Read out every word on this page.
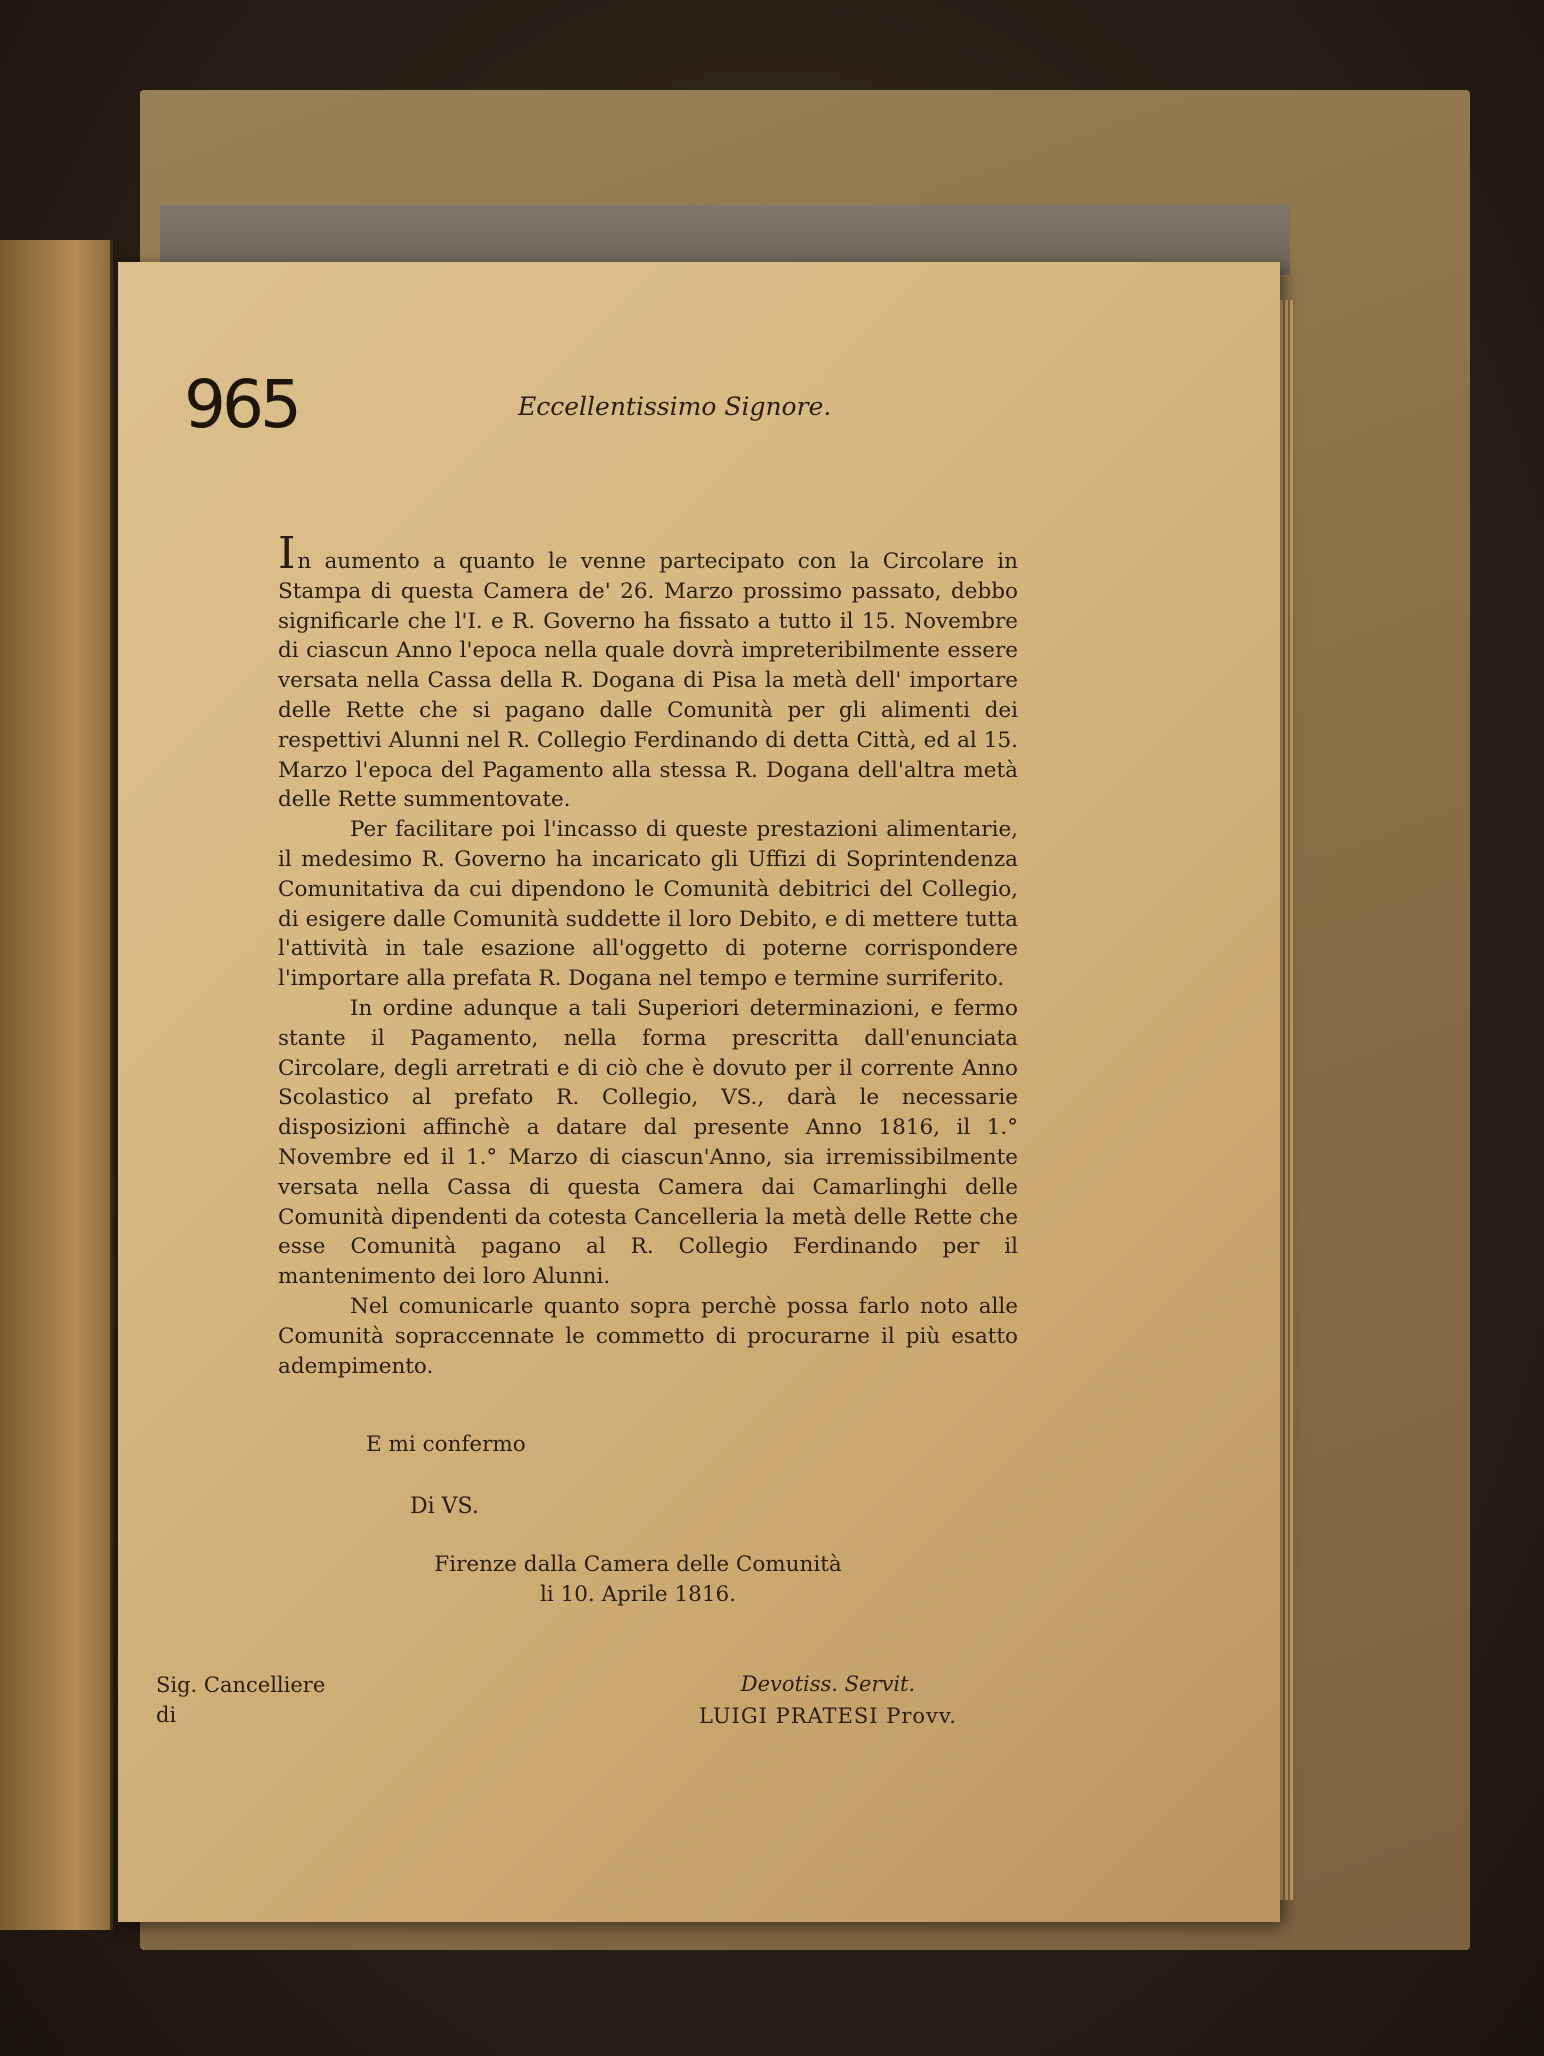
965	Eccellentissimo Signore.

In aumento a quanto le venne partecipato con la Circolare in Stampa di questa Camera de' 26. Marzo prossimo passato, debbo significarle che l'I. e R. Governo ha fissato a tutto il 15. Novembre di ciascun Anno l'epoca nella quale dovrà impreteribilmente essere versata nella Cassa della R. Dogana di Pisa la metà dell' importare delle Rette che si pagano dalle Comunità per gli alimenti dei respettivi Alunni nel R. Collegio Ferdinando di detta Città, ed al 15. Marzo l'epoca del Pagamento alla stessa R. Dogana dell'altra metà delle Rette summentovate.

Per facilitare poi l'incasso di queste prestazioni alimentarie, il medesimo R. Governo ha incaricato gli Uffizi di Soprintendenza Comunitativa da cui dipendono le Comunità debitrici del Collegio, di esigere dalle Comunità suddette il loro Debito, e di mettere tutta l'attività in tale esazione all'oggetto di poterne corrispondere l'importare alla prefata R. Dogana nel tempo e termine surriferito.

In ordine adunque a tali Superiori determinazioni, e fermo stante il Pagamento, nella forma prescritta dall'enunciata Circolare, degli arretrati e di ciò che è dovuto per il corrente Anno Scolastico al prefato R. Collegio, VS., darà le necessarie disposizioni affinchè a datare dal presente Anno 1816, il 1.° Novembre ed il 1.° Marzo di ciascun'Anno, sia irremissibilmente versata nella Cassa di questa Camera dai Camarlinghi delle Comunità dipendenti da cotesta Cancelleria la metà delle Rette che esse Comunità pagano al R. Collegio Ferdinando per il mantenimento dei loro Alunni.

Nel comunicarle quanto sopra perchè possa farlo noto alle Comunità sopraccennate le commetto di procurarne il più esatto adempimento.

E mi confermo
Di VS.
Firenze dalla Camera delle Comunità
li 10. Aprile 1816.
Sig. Cancelliere
di
Devotiss. Servit.
LUIGI PRATESI Provv.
